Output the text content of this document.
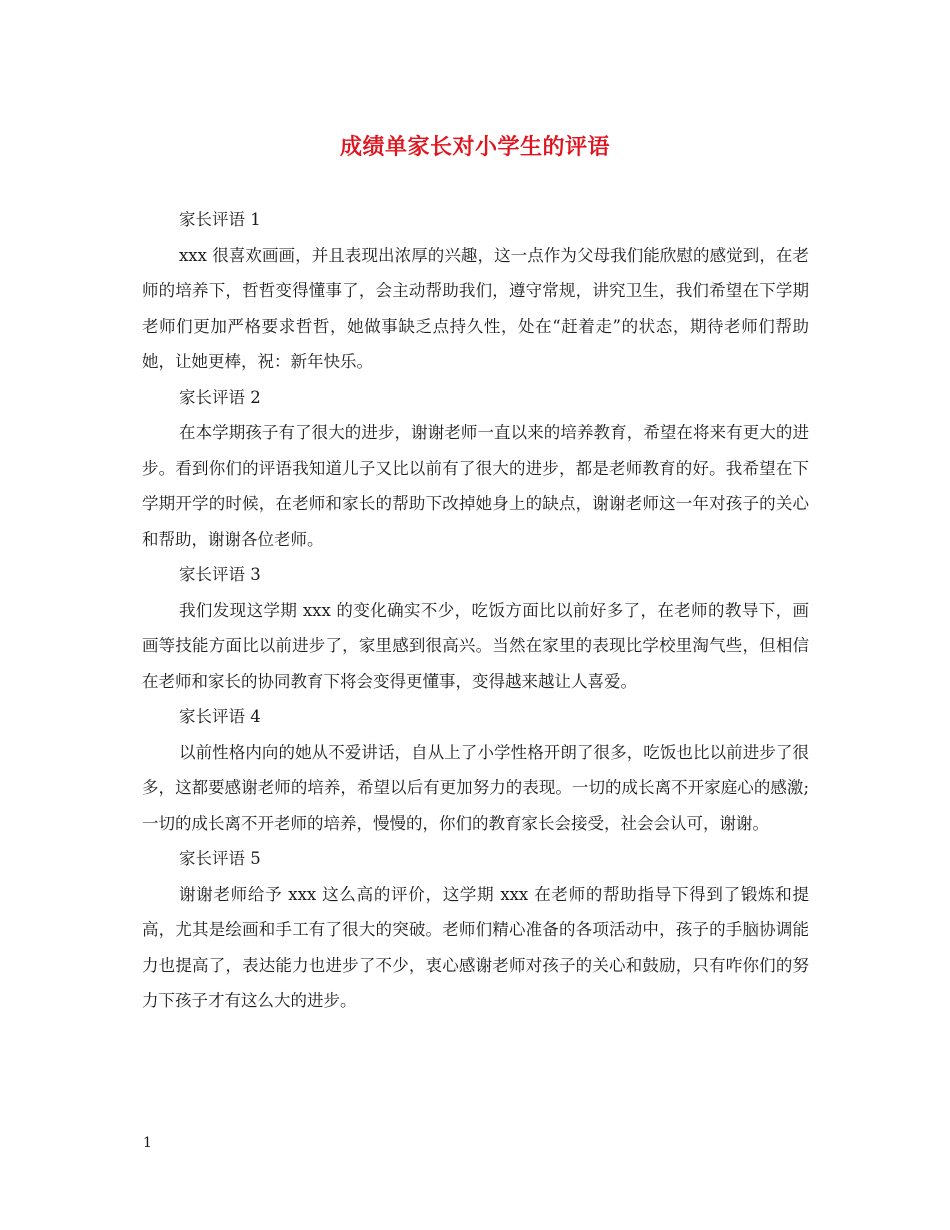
成绩单家长对小学生的评语

家长评语 1

xxx 很喜欢画画，并且表现出浓厚的兴趣，这一点作为父母我们能欣慰的感觉到，在老师的培养下，哲哲变得懂事了，会主动帮助我们，遵守常规，讲究卫生，我们希望在下学期老师们更加严格要求哲哲，她做事缺乏点持久性，处在“赶着走”的状态，期待老师们帮助她，让她更棒，祝：新年快乐。

家长评语 2

在本学期孩子有了很大的进步，谢谢老师一直以来的培养教育，希望在将来有更大的进步。看到你们的评语我知道儿子又比以前有了很大的进步，都是老师教育的好。我希望在下学期开学的时候，在老师和家长的帮助下改掉她身上的缺点，谢谢老师这一年对孩子的关心和帮助，谢谢各位老师。

家长评语 3

我们发现这学期 xxx 的变化确实不少，吃饭方面比以前好多了，在老师的教导下，画画等技能方面比以前进步了，家里感到很高兴。当然在家里的表现比学校里淘气些，但相信在老师和家长的协同教育下将会变得更懂事，变得越来越让人喜爱。

家长评语 4

以前性格内向的她从不爱讲话，自从上了小学性格开朗了很多，吃饭也比以前进步了很多，这都要感谢老师的培养，希望以后有更加努力的表现。一切的成长离不开家庭心的感激;一切的成长离不开老师的培养，慢慢的，你们的教育家长会接受，社会会认可，谢谢。

家长评语 5

谢谢老师给予 xxx 这么高的评价，这学期 xxx 在老师的帮助指导下得到了锻炼和提高，尤其是绘画和手工有了很大的突破。老师们精心准备的各项活动中，孩子的手脑协调能力也提高了，表达能力也进步了不少，衷心感谢老师对孩子的关心和鼓励，只有咋你们的努力下孩子才有这么大的进步。

1
